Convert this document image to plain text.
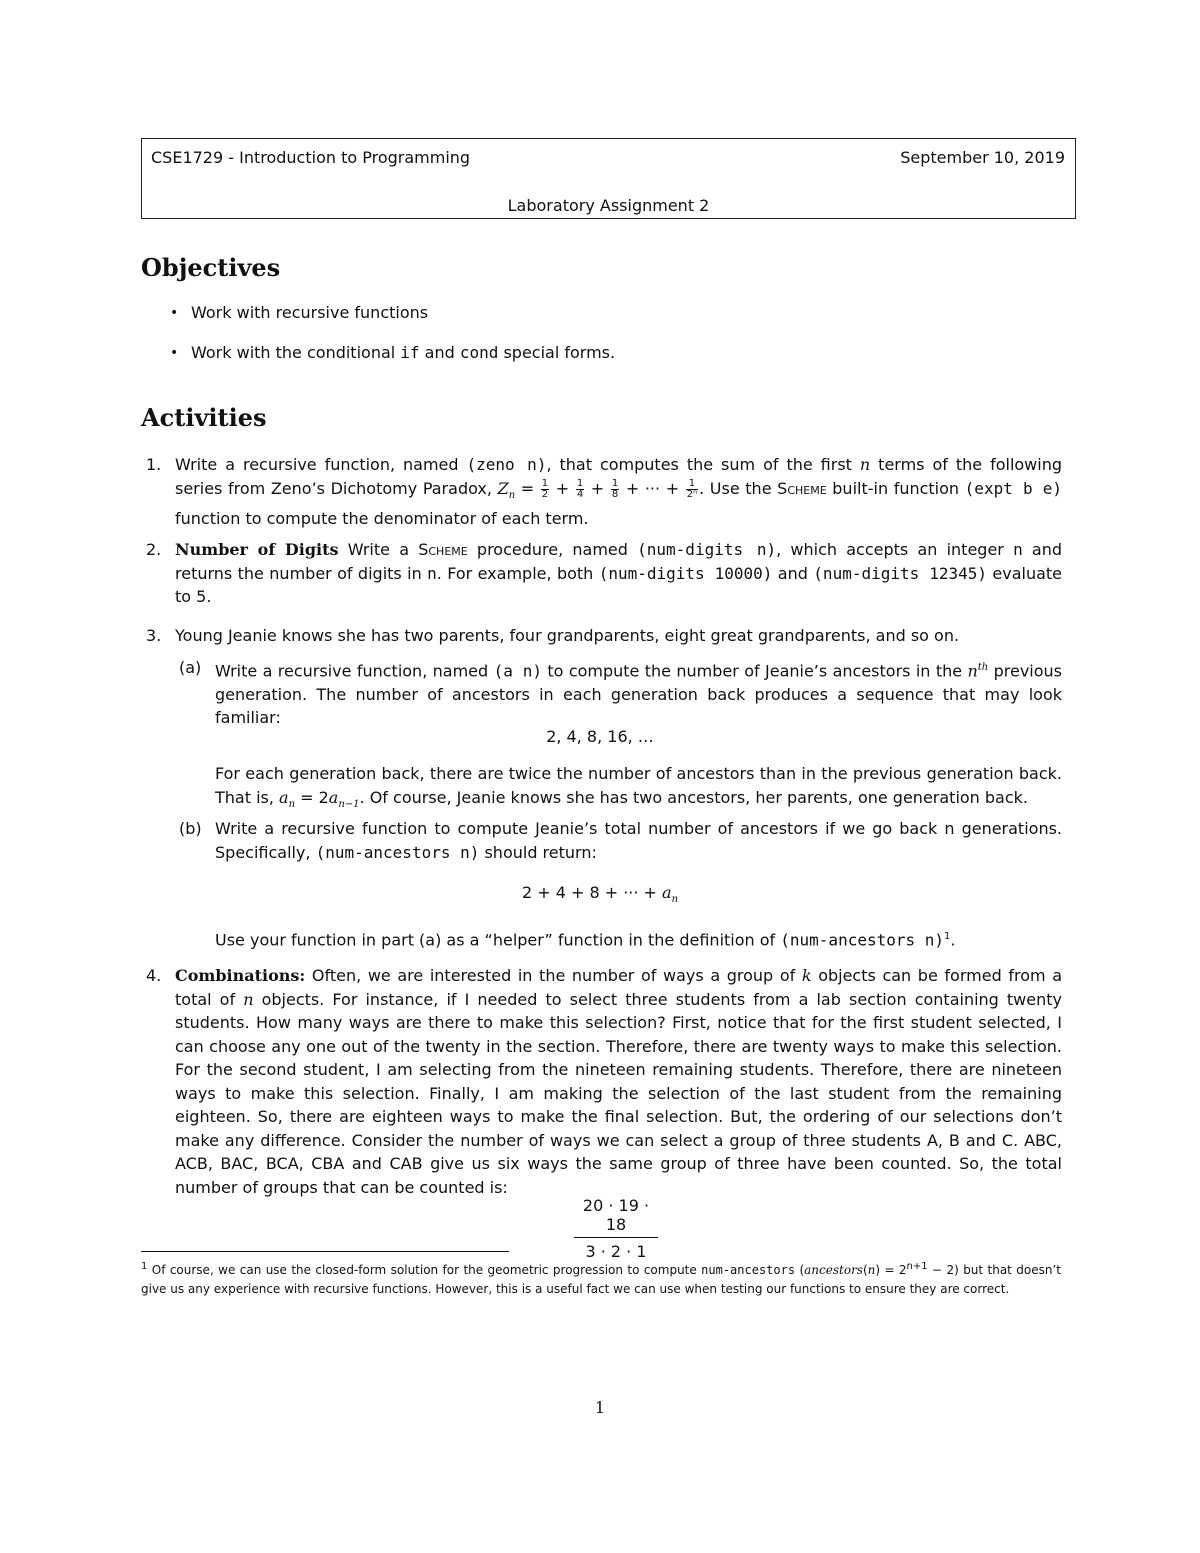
CSE1729 - Introduction to Programming	September 10, 2019
Laboratory Assignment 2
Objectives
• Work with recursive functions
• Work with the conditional if and cond special forms.
Activities
1. Write a recursive function, named (zeno n), that computes the sum of the first n terms of the following series from Zeno’s Dichotomy Paradox, $Z_n = \frac{1}{2} + \frac{1}{4} + \frac{1}{8}$ + ··· + $\frac{1}{\text{2ⁿ}}$ . Use the Scheme built-in function (expt b e) function to compute the denominator of each term.
2. Number of Digits Write a Scheme procedure, named (num-digits n), which accepts an integer n and returns the number of digits in n. For example, both (num-digits 10000) and (num-digits 12345) evaluate to 5.
3. Young Jeanie knows she has two parents, four grandparents, eight great grandparents, and so on.
(a) Write a recursive function, named (a n) to compute the number of Jeanie’s ancestors in the $n^{th}$ previous generation. The number of ancestors in each generation back produces a sequence that may look familiar:
2, 4, 8, 16, …
For each generation back, there are twice the number of ancestors than in the previous generation back. That is, $a_n = 2a_{n-1}$. Of course, Jeanie knows she has two ancestors, her parents, one generation back.
(b) Write a recursive function to compute Jeanie’s total number of ancestors if we go back n generations. Specifically, (num-ancestors n) should return:
2 + 4 + 8 + ··· + $a_n$
Use your function in part (a) as a “helper” function in the definition of (num-ancestors n)$^1$.
4. Combinations: Often, we are interested in the number of ways a group of k objects can be formed from a total of n objects. For instance, if I needed to select three students from a lab section containing twenty students. How many ways are there to make this selection? First, notice that for the first student selected, I can choose any one out of the twenty in the section. Therefore, there are twenty ways to make this selection. For the second student, I am selecting from the nineteen remaining students. Therefore, there are nineteen ways to make this selection. Finally, I am making the selection of the last student from the remaining eighteen. So, there are eighteen ways to make the final selection. But, the ordering of our selections don’t make any difference. Consider the number of ways we can select a group of three students A, B and C. ABC, ACB, BAC, BCA, CBA and CAB give us six ways the same group of three have been counted. So, the total number of groups that can be counted is:
$\frac{20 \cdot 19 \cdot 18}{3 \cdot 2 \cdot 1}$
$^1$ Of course, we can use the closed-form solution for the geometric progression to compute num-ancestors (ancestors(n) = $2^{n+1} - 2$) but that doesn’t give us any experience with recursive functions. However, this is a useful fact we can use when testing our functions to ensure they are correct.
1
